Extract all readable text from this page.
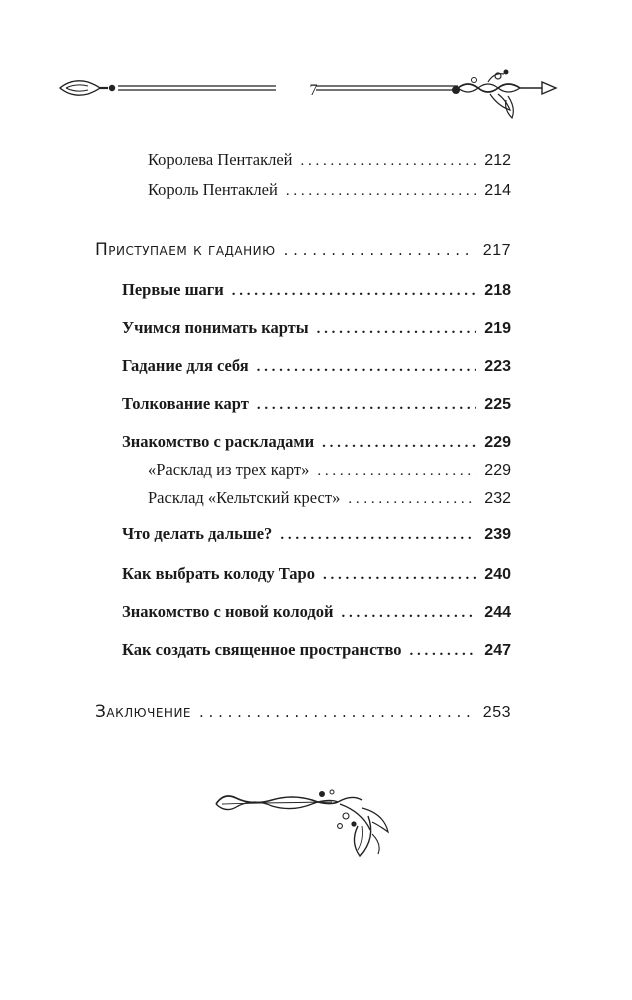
7
Королева Пентаклей . . .	212
Король Пентаклей . . .	214
Приступаем к гаданию . . .	217
Первые шаги . . .	218
Учимся понимать карты . . .	219
Гадание для себя . . .	223
Толкование карт . . .	225
Знакомство с раскладами . . .	229
«Расклад из трех карт» . . .	229
Расклад «Кельтский крест» . . .	232
Что делать дальше? . . .	239
Как выбрать колоду Таро . . .	240
Знакомство с новой колодой . . .	244
Как создать священное пространство . . .	247
Заключение . . .	253
